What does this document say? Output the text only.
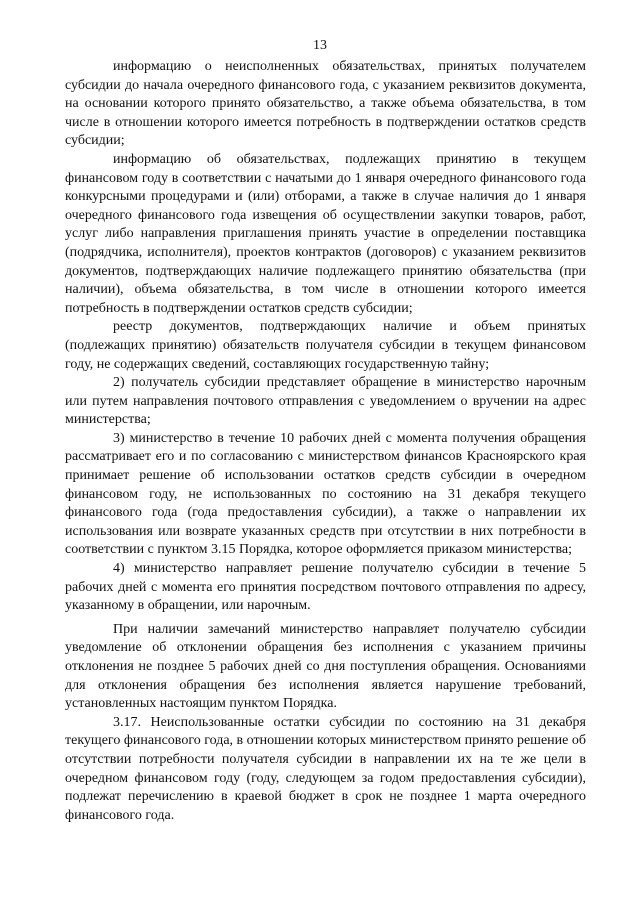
13

информацию о неисполненных обязательствах, принятых получателем субсидии до начала очередного финансового года, с указанием реквизитов документа, на основании которого принято обязательство, а также объема обязательства, в том числе в отношении которого имеется потребность в подтверждении остатков средств субсидии;

информацию об обязательствах, подлежащих принятию в текущем финансовом году в соответствии с начатыми до 1 января очередного финансового года конкурсными процедурами и (или) отборами, а также в случае наличия до 1 января очередного финансового года извещения об осуществлении закупки товаров, работ, услуг либо направления приглашения принять участие в определении поставщика (подрядчика, исполнителя), проектов контрактов (договоров) с указанием реквизитов документов, подтверждающих наличие подлежащего принятию обязательства (при наличии), объема обязательства, в том числе в отношении которого имеется потребность в подтверждении остатков средств субсидии;

реестр документов, подтверждающих наличие и объем принятых (подлежащих принятию) обязательств получателя субсидии в текущем финансовом году, не содержащих сведений, составляющих государственную тайну;

2) получатель субсидии представляет обращение в министерство нарочным или путем направления почтового отправления с уведомлением о вручении на адрес министерства;

3) министерство в течение 10 рабочих дней с момента получения обращения рассматривает его и по согласованию с министерством финансов Красноярского края принимает решение об использовании остатков средств субсидии в очередном финансовом году, не использованных по состоянию на 31 декабря текущего финансового года (года предоставления субсидии), а также о направлении их использования или возврате указанных средств при отсутствии в них потребности в соответствии с пунктом 3.15 Порядка, которое оформляется приказом министерства;

4) министерство направляет решение получателю субсидии в течение 5 рабочих дней с момента его принятия посредством почтового отправления по адресу, указанному в обращении, или нарочным.

При наличии замечаний министерство направляет получателю субсидии уведомление об отклонении обращения без исполнения с указанием причины отклонения не позднее 5 рабочих дней со дня поступления обращения. Основаниями для отклонения обращения без исполнения является нарушение требований, установленных настоящим пунктом Порядка.

3.17. Неиспользованные остатки субсидии по состоянию на 31 декабря текущего финансового года, в отношении которых министерством принято решение об отсутствии потребности получателя субсидии в направлении их на те же цели в очередном финансовом году (году, следующем за годом предоставления субсидии), подлежат перечислению в краевой бюджет в срок не позднее 1 марта очередного финансового года.
